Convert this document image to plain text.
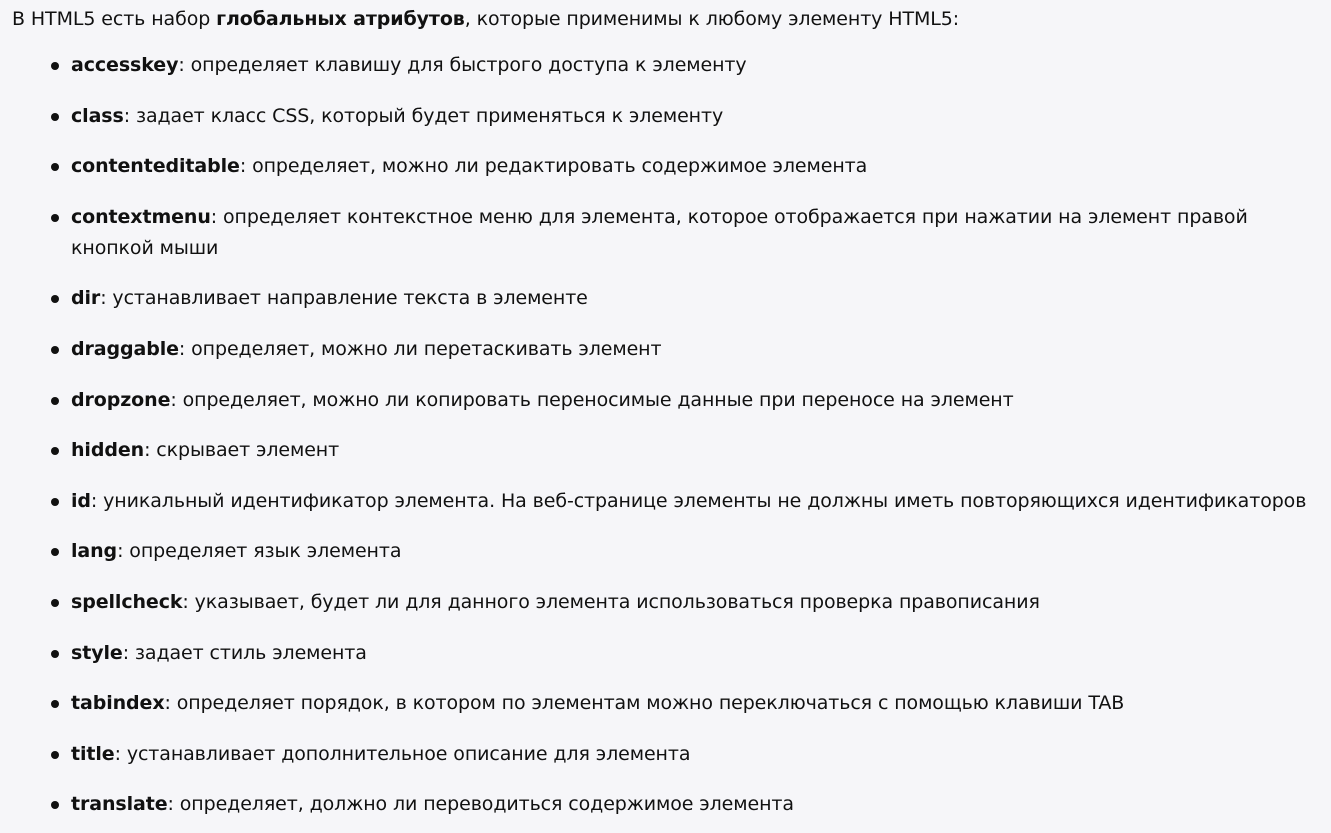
В HTML5 есть набор глобальных атрибутов, которые применимы к любому элементу HTML5:

accesskey: определяет клавишу для быстрого доступа к элементу
class: задает класс CSS, который будет применяться к элементу
contenteditable: определяет, можно ли редактировать содержимое элемента
contextmenu: определяет контекстное меню для элемента, которое отображается при нажатии на элемент правой кнопкой мыши
dir: устанавливает направление текста в элементе
draggable: определяет, можно ли перетаскивать элемент
dropzone: определяет, можно ли копировать переносимые данные при переносе на элемент
hidden: скрывает элемент
id: уникальный идентификатор элемента. На веб-странице элементы не должны иметь повторяющихся идентификаторов
lang: определяет язык элемента
spellcheck: указывает, будет ли для данного элемента использоваться проверка правописания
style: задает стиль элемента
tabindex: определяет порядок, в котором по элементам можно переключаться с помощью клавиши TAB
title: устанавливает дополнительное описание для элемента
translate: определяет, должно ли переводиться содержимое элемента
